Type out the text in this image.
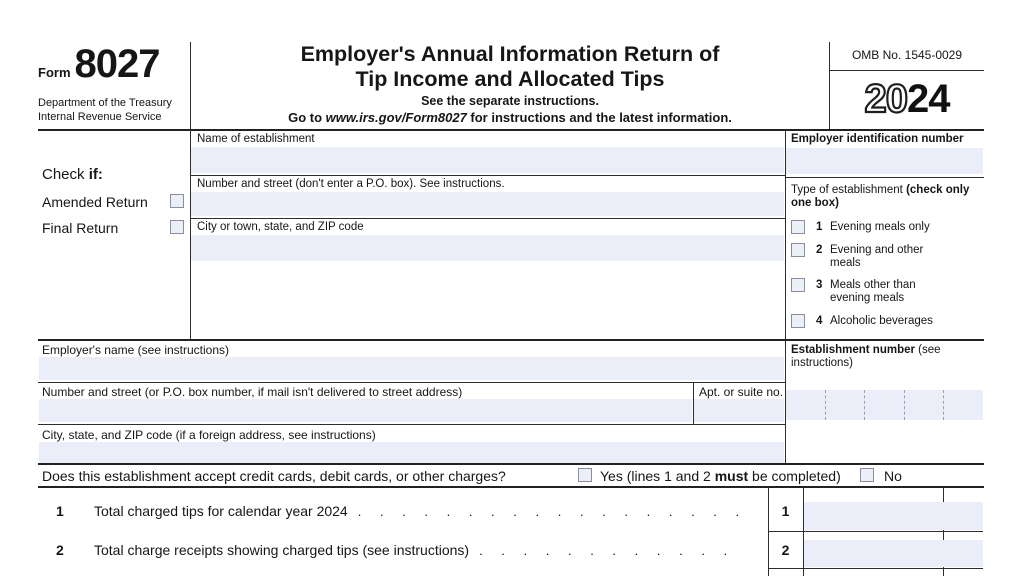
Form 8027
Department of the Treasury
Internal Revenue Service
Employer's Annual Information Return of
Tip Income and Allocated Tips
See the separate instructions.
Go to www.irs.gov/Form8027 for instructions and the latest information.
OMB No. 1545-0029
2024
Check if:
Amended Return
Final Return
Name of establishment
Number and street (don't enter a P.O. box). See instructions.
City or town, state, and ZIP code
Employer identification number
Type of establishment (check only one box)
1 Evening meals only
2 Evening and other meals
3 Meals other than evening meals
4 Alcoholic beverages
Employer's name (see instructions)
Number and street (or P.O. box number, if mail isn't delivered to street address)	Apt. or suite no.
City, state, and ZIP code (if a foreign address, see instructions)
Establishment number (see instructions)
Does this establishment accept credit cards, debit cards, or other charges?	Yes (lines 1 and 2 must be completed)	No
1 Total charged tips for calendar year 2024 . . . . . . . . . . . . . . . . . .	1
2 Total charge receipts showing charged tips (see instructions) . . . . . . . . . . . .	2
